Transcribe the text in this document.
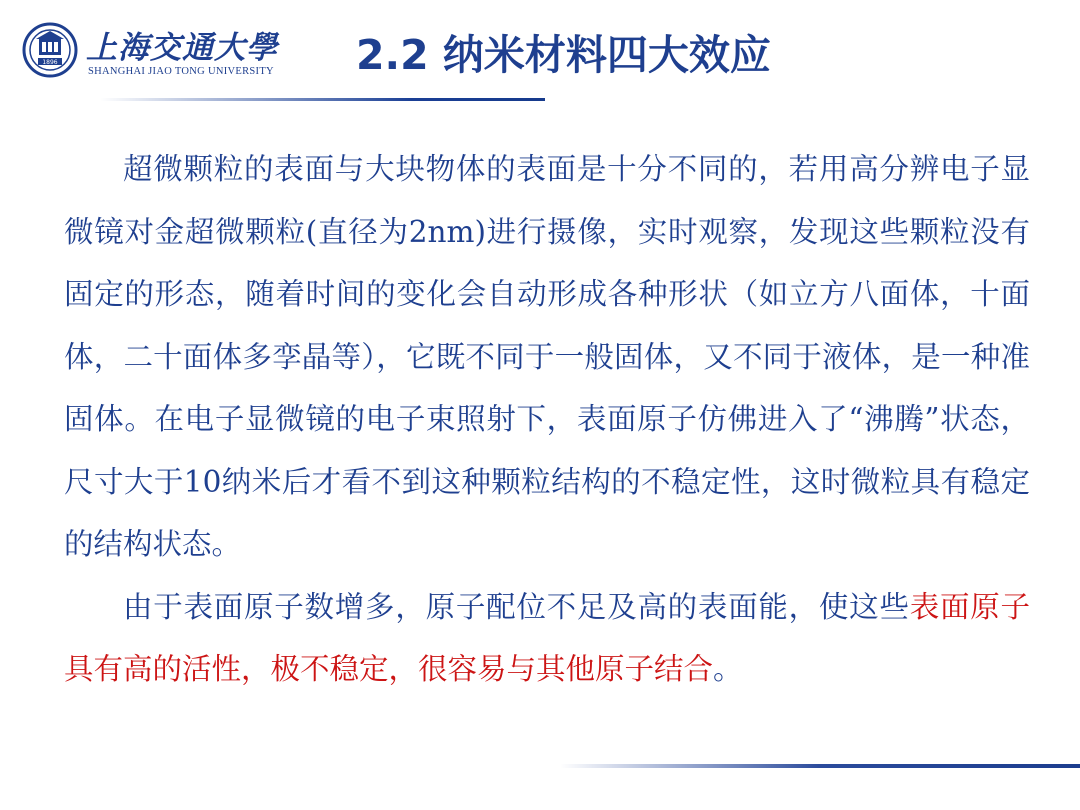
1896 上海交通大學
SHANGHAI JIAO TONG UNIVERSITY 2.2 纳米材料四大效应

超微颗粒的表面与大块物体的表面是十分不同的，若用高分辨电子显微镜对金超微颗粒(直径为2nm)进行摄像，实时观察，发现这些颗粒没有固定的形态，随着时间的变化会自动形成各种形状（如立方八面体，十面体，二十面体多孪晶等），它既不同于一般固体，又不同于液体，是一种准固体。在电子显微镜的电子束照射下，表面原子仿佛进入了“沸腾”状态，尺寸大于10纳米后才看不到这种颗粒结构的不稳定性，这时微粒具有稳定的结构状态。

由于表面原子数增多，原子配位不足及高的表面能，使这些表面原子具有高的活性，极不稳定，很容易与其他原子结合。
